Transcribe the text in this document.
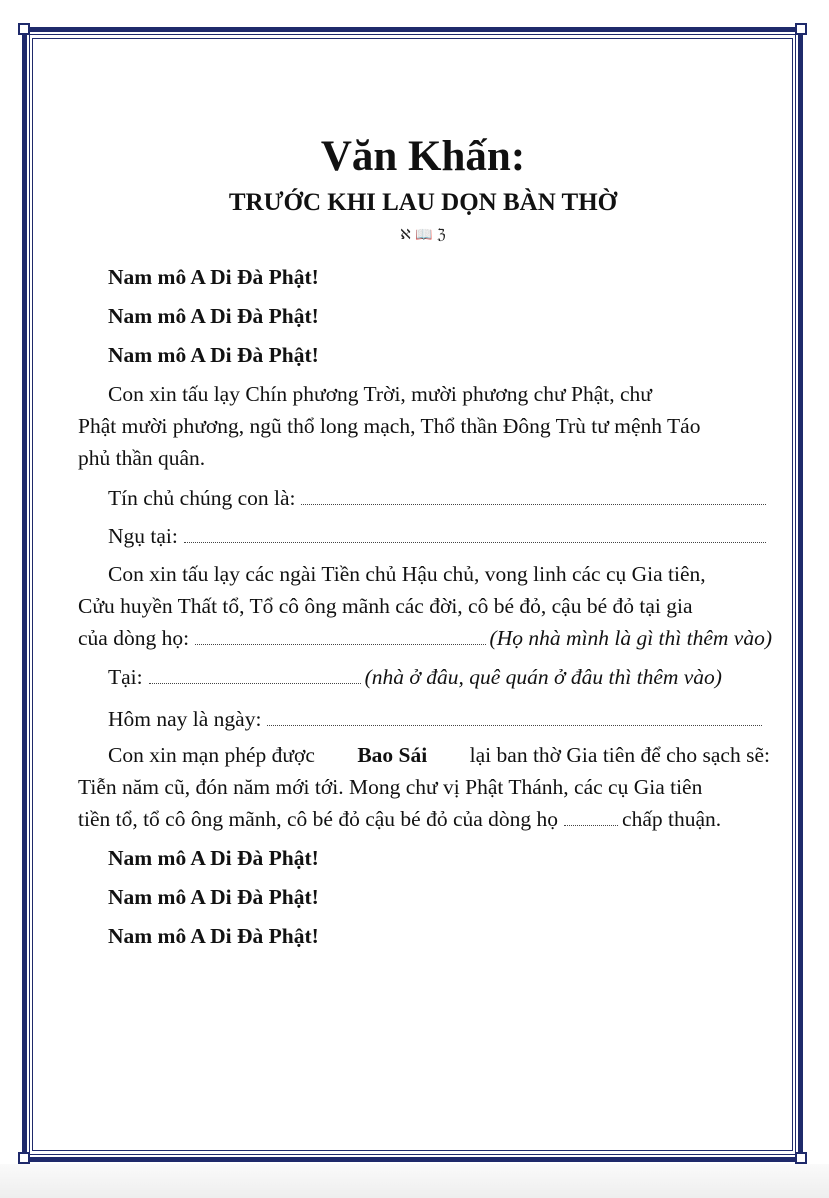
Văn Khấn:
TRƯỚC KHI LAU DỌN BÀN THỜ
ℵ 📖 ℨ
Nam mô A Di Đà Phật!
Nam mô A Di Đà Phật!
Nam mô A Di Đà Phật!
Con xin tấu lạy Chín phương Trời, mười phương chư Phật, chư
Phật mười phương, ngũ thổ long mạch, Thổ thần Đông Trù tư mệnh Táo
phủ thần quân.
Tín chủ chúng con là:
Ngụ tại:
Con xin tấu lạy các ngài Tiền chủ Hậu chủ, vong linh các cụ Gia tiên,
Cửu huyền Thất tổ, Tổ cô ông mãnh các đời, cô bé đỏ, cậu bé đỏ tại gia
của dòng họ:	(Họ nhà mình là gì thì thêm vào)
Tại:	(nhà ở đâu, quê quán ở đâu thì thêm vào)
Hôm nay là ngày:
Con xin mạn phép được Bao Sái lại ban thờ Gia tiên để cho sạch sẽ:
Tiễn năm cũ, đón năm mới tới. Mong chư vị Phật Thánh, các cụ Gia tiên
tiền tổ, tổ cô ông mãnh, cô bé đỏ cậu bé đỏ của dòng họ	chấp thuận.
Nam mô A Di Đà Phật!
Nam mô A Di Đà Phật!
Nam mô A Di Đà Phật!
